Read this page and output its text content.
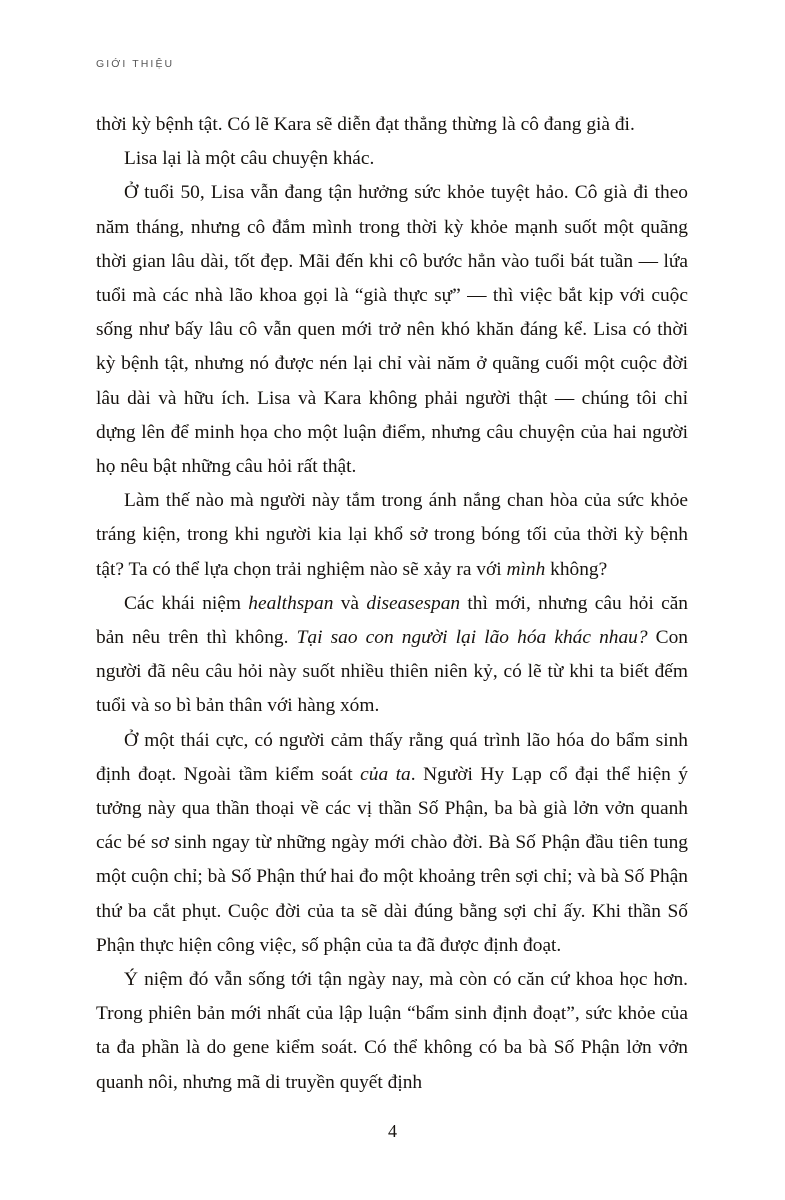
GIỚI THIỆU

thời kỳ bệnh tật. Có lẽ Kara sẽ diễn đạt thẳng thừng là cô đang già đi.

Lisa lại là một câu chuyện khác.

Ở tuổi 50, Lisa vẫn đang tận hưởng sức khỏe tuyệt hảo. Cô già đi theo năm tháng, nhưng cô đắm mình trong thời kỳ khỏe mạnh suốt một quãng thời gian lâu dài, tốt đẹp. Mãi đến khi cô bước hẳn vào tuổi bát tuần — lứa tuổi mà các nhà lão khoa gọi là “già thực sự” — thì việc bắt kịp với cuộc sống như bấy lâu cô vẫn quen mới trở nên khó khăn đáng kể. Lisa có thời kỳ bệnh tật, nhưng nó được nén lại chỉ vài năm ở quãng cuối một cuộc đời lâu dài và hữu ích. Lisa và Kara không phải người thật — chúng tôi chỉ dựng lên để minh họa cho một luận điểm, nhưng câu chuyện của hai người họ nêu bật những câu hỏi rất thật.

Làm thế nào mà người này tắm trong ánh nắng chan hòa của sức khỏe tráng kiện, trong khi người kia lại khổ sở trong bóng tối của thời kỳ bệnh tật? Ta có thể lựa chọn trải nghiệm nào sẽ xảy ra với mình không?

Các khái niệm healthspan và diseasespan thì mới, nhưng câu hỏi căn bản nêu trên thì không. Tại sao con người lại lão hóa khác nhau? Con người đã nêu câu hỏi này suốt nhiều thiên niên kỷ, có lẽ từ khi ta biết đếm tuổi và so bì bản thân với hàng xóm.

Ở một thái cực, có người cảm thấy rằng quá trình lão hóa do bẩm sinh định đoạt. Ngoài tầm kiểm soát của ta. Người Hy Lạp cổ đại thể hiện ý tưởng này qua thần thoại về các vị thần Số Phận, ba bà già lởn vởn quanh các bé sơ sinh ngay từ những ngày mới chào đời. Bà Số Phận đầu tiên tung một cuộn chỉ; bà Số Phận thứ hai đo một khoảng trên sợi chỉ; và bà Số Phận thứ ba cắt phụt. Cuộc đời của ta sẽ dài đúng bằng sợi chỉ ấy. Khi thần Số Phận thực hiện công việc, số phận của ta đã được định đoạt.

Ý niệm đó vẫn sống tới tận ngày nay, mà còn có căn cứ khoa học hơn. Trong phiên bản mới nhất của lập luận “bẩm sinh định đoạt”, sức khỏe của ta đa phần là do gene kiểm soát. Có thể không có ba bà Số Phận lởn vởn quanh nôi, nhưng mã di truyền quyết định

4
